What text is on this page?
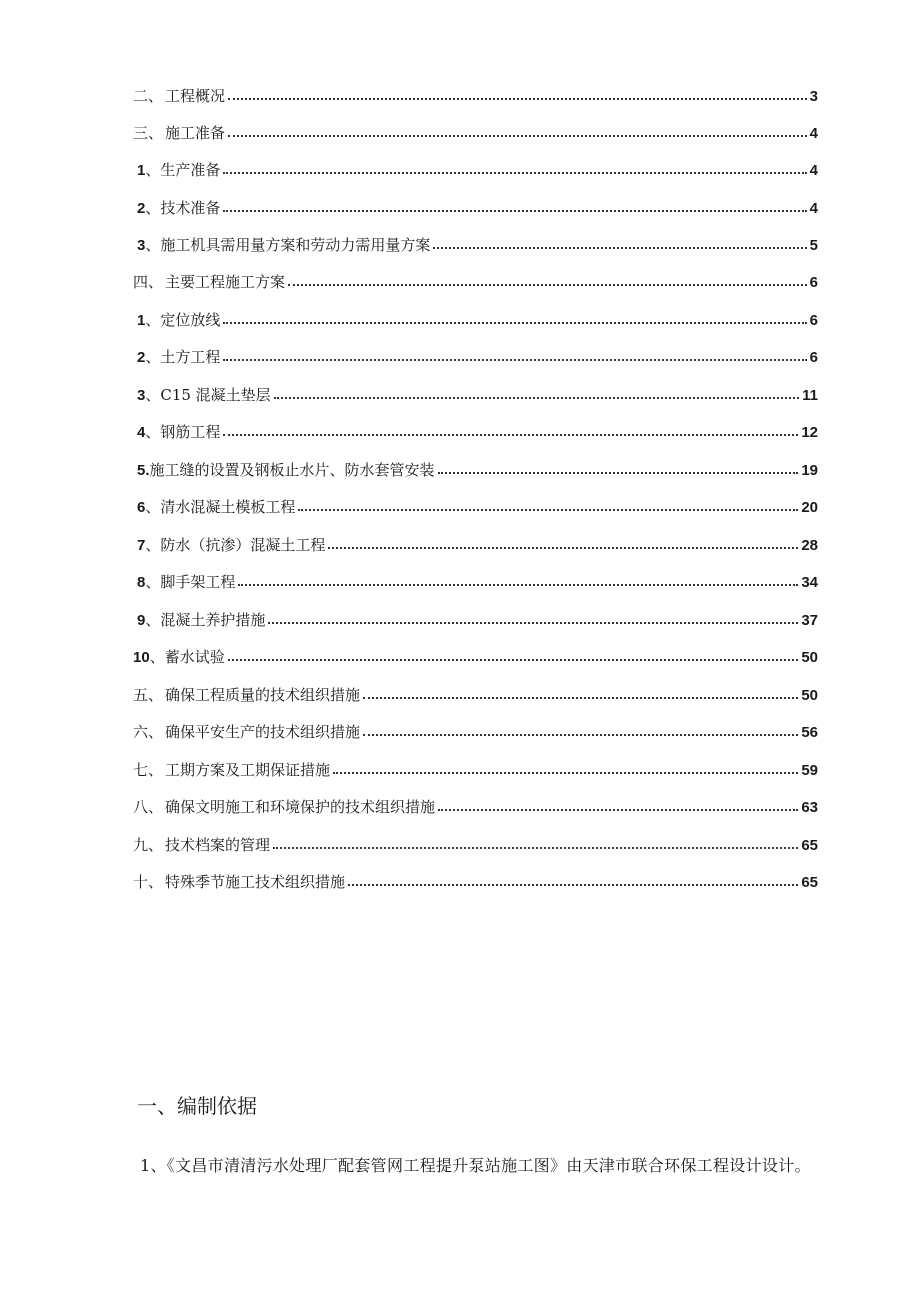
二、 工程概况	3
三、 施工准备	4
1 、生产准备	4
2 、技术准备	4
3 、施工机具需用量方案和劳动力需用量方案	5
四、 主要工程施工方案	6
1 、定位放线	6
2 、土方工程	6
3 、C15 混凝土垫层	11
4 、钢筋工程	12
5. 施工缝的设置及钢板止水片、防水套管安装	19
6 、清水混凝土模板工程	20
7 、防水（抗渗）混凝土工程	28
8 、脚手架工程	34
9 、混凝土养护措施	37
10 、蓄水试验	50
五、 确保工程质量的技术组织措施	50
六、 确保平安生产的技术组织措施	56
七、 工期方案及工期保证措施	59
八、 确保文明施工和环境保护的技术组织措施	63
九、 技术档案的管理	65
十、 特殊季节施工技术组织措施	65
一、编制依据
1、《文昌市清清污水处理厂配套管网工程提升泵站施工图》由天津市联合环保工程设计设计。
